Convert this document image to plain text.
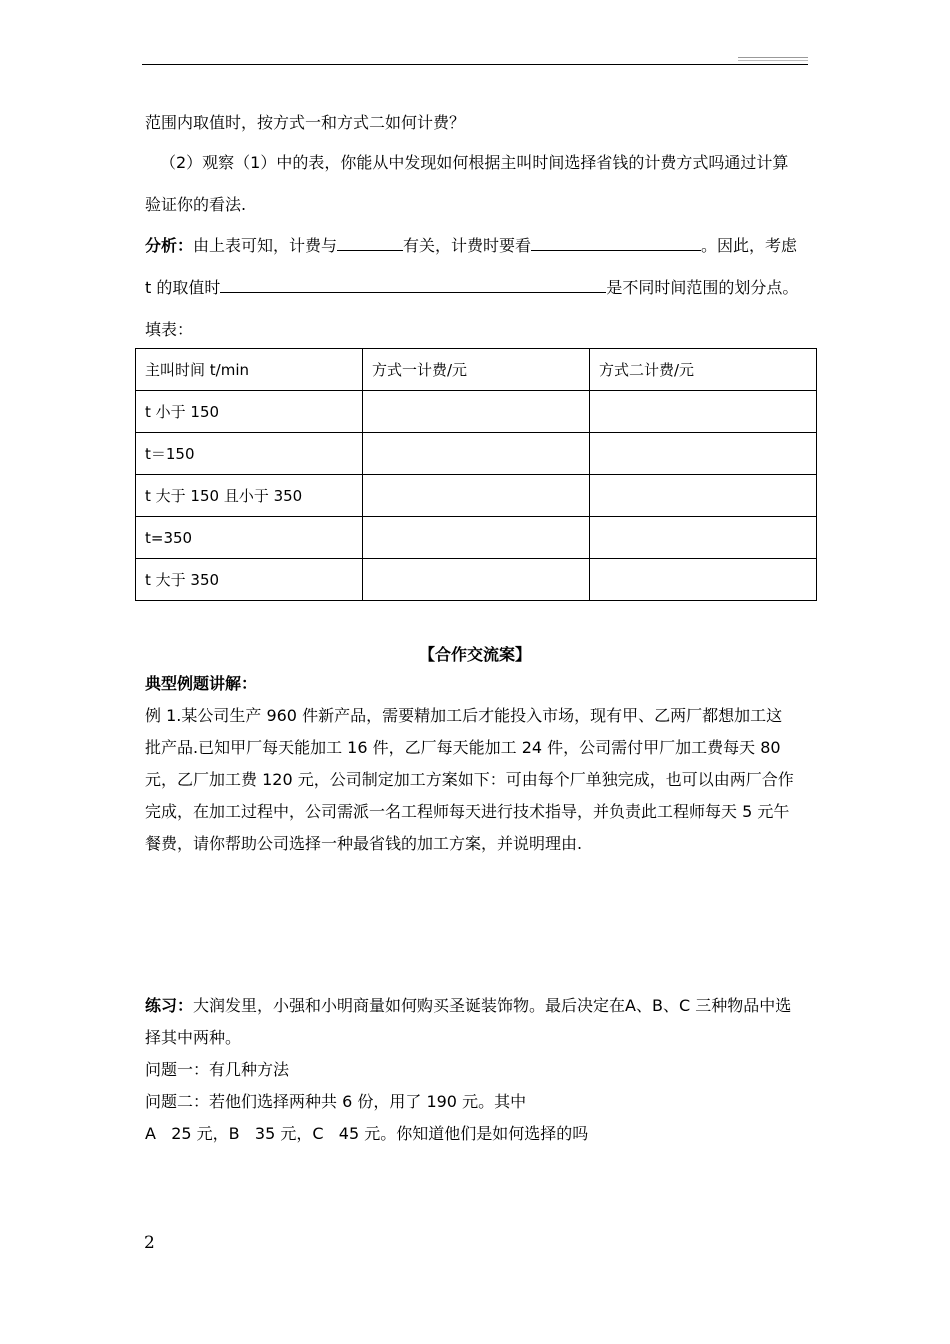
范围内取值时，按方式一和方式二如何计费？
（2）观察（1）中的表，你能从中发现如何根据主叫时间选择省钱的计费方式吗通过计算
验证你的看法.
分析：由上表可知，计费与	有关，计费时要看	。因此，考虑
t 的取值时	是不同时间范围的划分点。
填表：
主叫时间 t/min	方式一计费/元	方式二计费/元
t 小于 150		
t＝150		
t 大于 150 且小于 350		
t=350		
t 大于 350		
【合作交流案】
典型例题讲解：
例 1.某公司生产 960 件新产品，需要精加工后才能投入市场，现有甲、乙两厂都想加工这
批产品.已知甲厂每天能加工 16 件，乙厂每天能加工 24 件，公司需付甲厂加工费每天 80
元，乙厂加工费 120 元，公司制定加工方案如下：可由每个厂单独完成，也可以由两厂合作
完成，在加工过程中，公司需派一名工程师每天进行技术指导，并负责此工程师每天 5 元午
餐费，请你帮助公司选择一种最省钱的加工方案，并说明理由.
练习：大润发里，小强和小明商量如何购买圣诞装饰物。最后决定在A、B、C 三种物品中选
择其中两种。
问题一：有几种方法
问题二：若他们选择两种共 6 份，用了 190 元。其中
A   25 元，B   35 元，C   45 元。你知道他们是如何选择的吗
2
